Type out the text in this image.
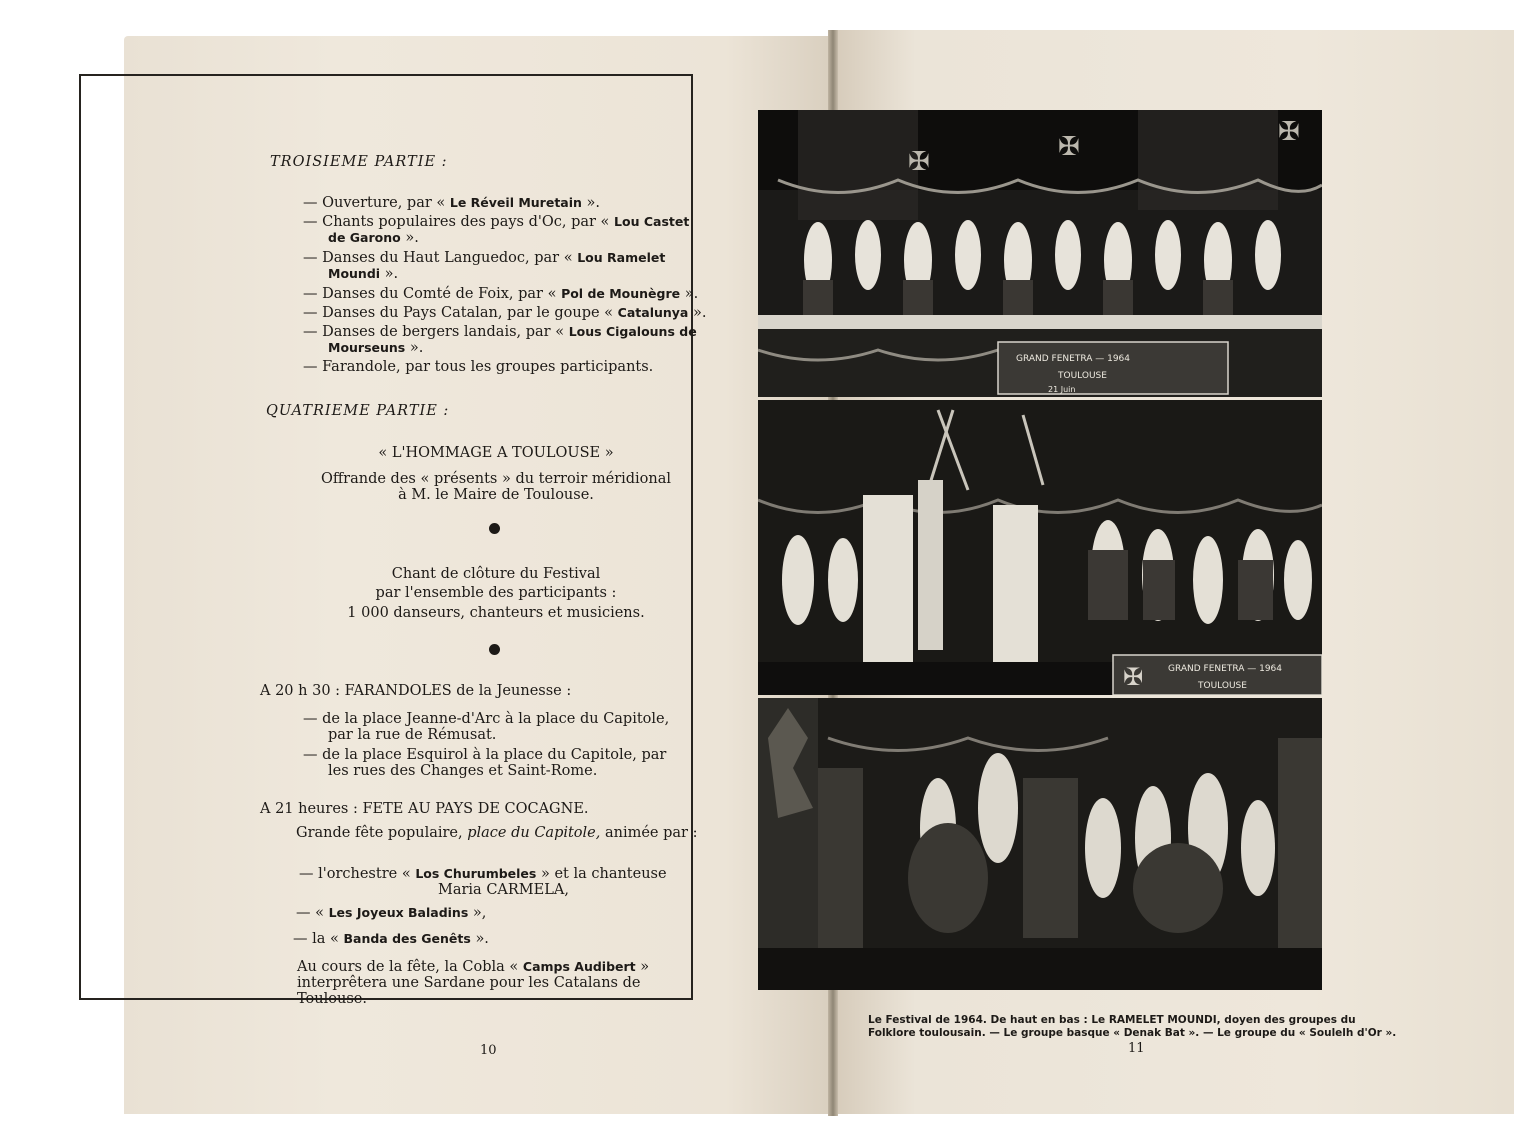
TROISIEME PARTIE :
— Ouverture, par « Le Réveil Muretain ».
— Chants populaires des pays d'Oc, par « Lou Castet
de Garono ».
— Danses du Haut Languedoc, par « Lou Ramelet
Moundi ».
— Danses du Comté de Foix, par « Pol de Mounègre ».
— Danses du Pays Catalan, par le goupe « Catalunya ».
— Danses de bergers landais, par « Lous Cigalouns de
Mourseuns ».
— Farandole, par tous les groupes participants.
QUATRIEME PARTIE :
« L'HOMMAGE A TOULOUSE »
Offrande des « présents » du terroir méridional
à M. le Maire de Toulouse.
Chant de clôture du Festival
par l'ensemble des participants :
1 000 danseurs, chanteurs et musiciens.
A 20 h 30 : FARANDOLES de la Jeunesse :
— de la place Jeanne-d'Arc à la place du Capitole,
par la rue de Rémusat.
— de la place Esquirol à la place du Capitole, par
les rues des Changes et Saint-Rome.
A 21 heures : FETE AU PAYS DE COCAGNE.
Grande fête populaire, place du Capitole, animée par :
— l'orchestre « Los Churumbeles » et la chanteuse
Maria CARMELA,
— « Les Joyeux Baladins »,
— la « Banda des Genêts ».
Au cours de la fête, la Cobla « Camps Audibert »
interprêtera une Sardane pour les Catalans de
Toulouse.
10
✠	✠	✠
GRAND FENETRA — 1964
TOULOUSE
21 Juin
GRAND FENETRA — 1964
TOULOUSE
✠
Le Festival de 1964. De haut en bas : Le RAMELET MOUNDI, doyen des groupes du
Folklore toulousain. — Le groupe basque « Denak Bat ». — Le groupe du « Soulelh d'Or ».
11
